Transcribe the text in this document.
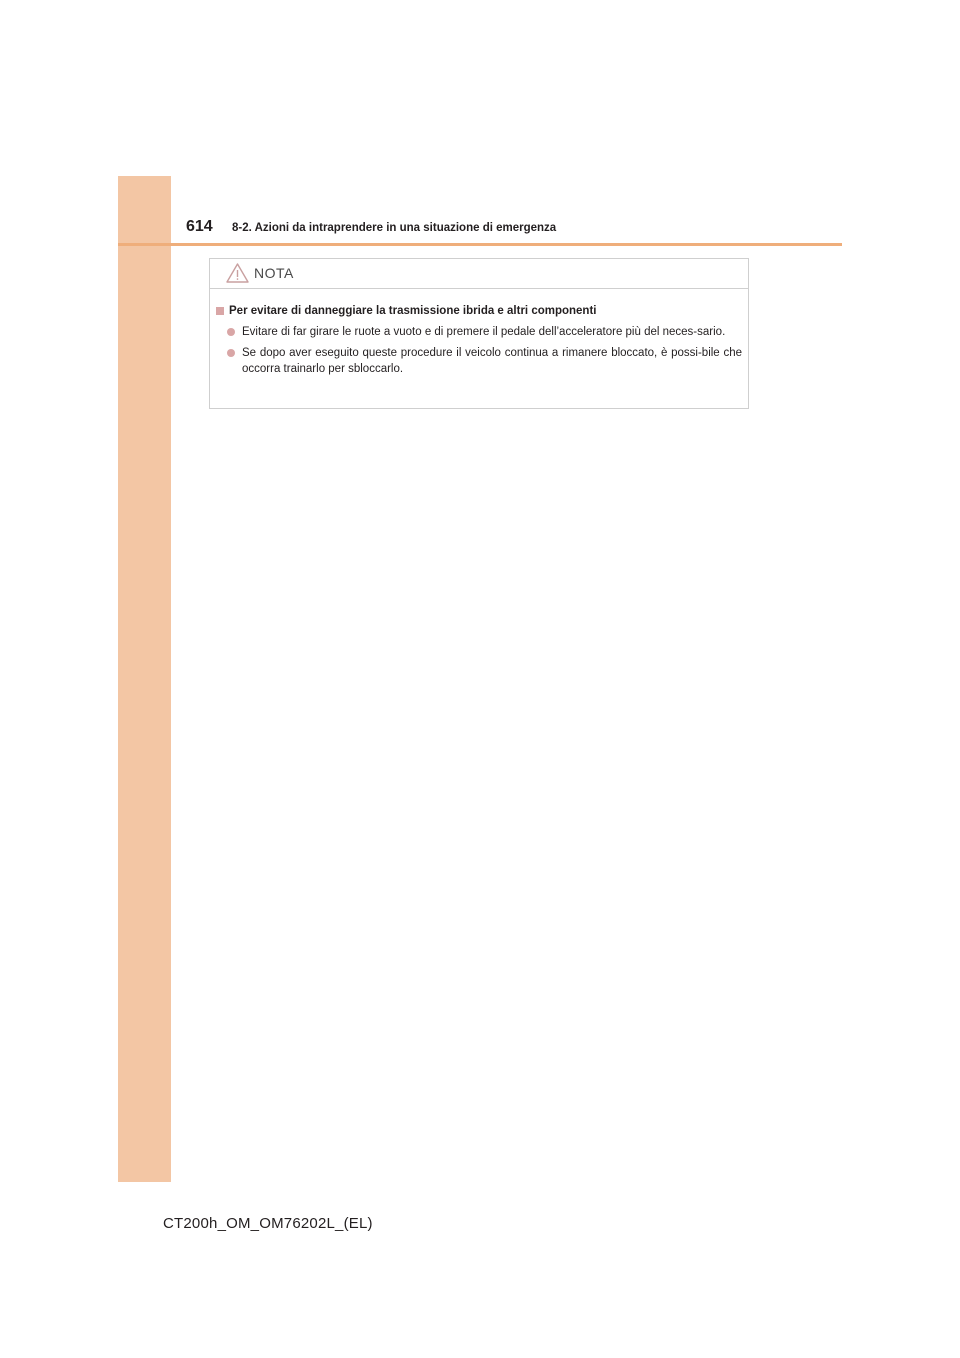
614 8-2. Azioni da intraprendere in una situazione di emergenza
NOTA
Per evitare di danneggiare la trasmissione ibrida e altri componenti
Evitare di far girare le ruote a vuoto e di premere il pedale dell’acceleratore più del neces-sario.
Se dopo aver eseguito queste procedure il veicolo continua a rimanere bloccato, è possi-bile che occorra trainarlo per sbloccarlo.
CT200h_OM_OM76202L_(EL)
